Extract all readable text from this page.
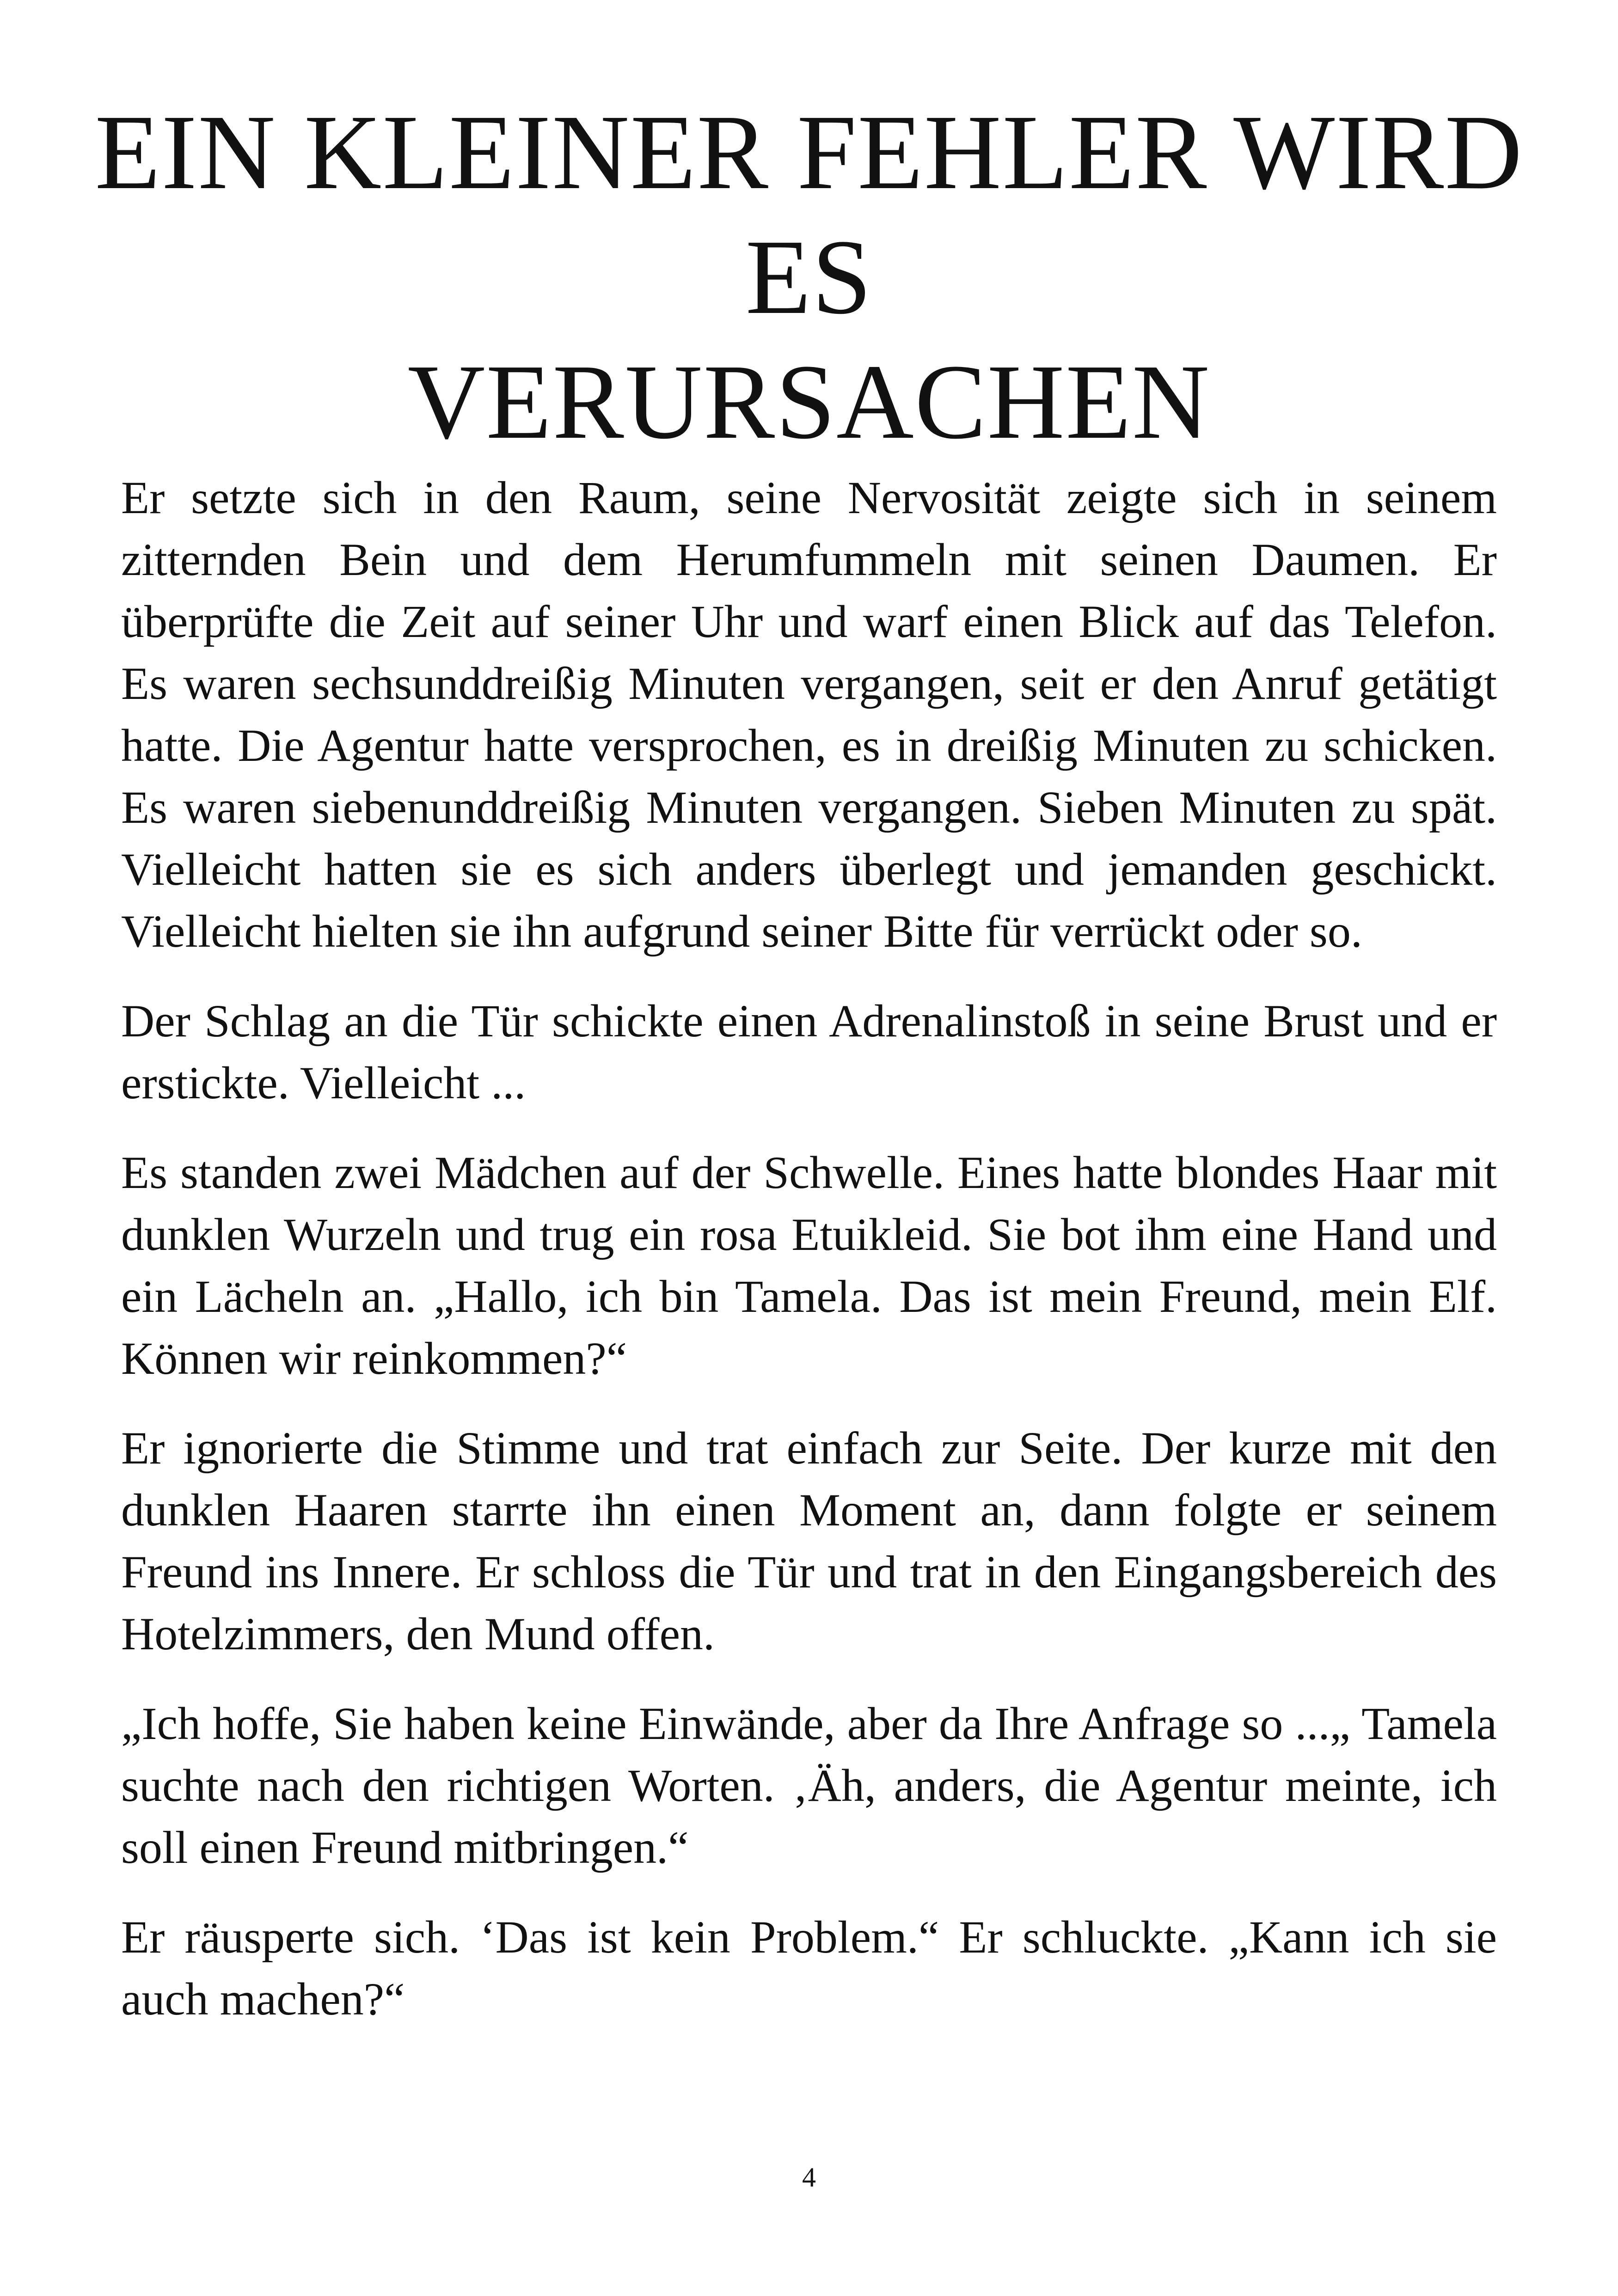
EIN KLEINER FEHLER WIRD ES
VERURSACHEN

Er setzte sich in den Raum, seine Nervosität zeigte sich in seinem zitternden Bein und dem Herumfummeln mit seinen Daumen. Er überprüfte die Zeit auf seiner Uhr und warf einen Blick auf das Telefon. Es waren sechsunddreißig Minuten vergangen, seit er den Anruf getätigt hatte. Die Agentur hatte versprochen, es in dreißig Minuten zu schicken. Es waren siebenunddreißig Minuten vergangen. Sieben Minuten zu spät. Vielleicht hatten sie es sich anders überlegt und jemanden geschickt. Vielleicht hielten sie ihn aufgrund seiner Bitte für verrückt oder so.

Der Schlag an die Tür schickte einen Adrenalinstoß in seine Brust und er erstickte. Vielleicht ...

Es standen zwei Mädchen auf der Schwelle. Eines hatte blondes Haar mit dunklen Wurzeln und trug ein rosa Etuikleid. Sie bot ihm eine Hand und ein Lächeln an. „Hallo, ich bin Tamela. Das ist mein Freund, mein Elf. Können wir reinkommen?“

Er ignorierte die Stimme und trat einfach zur Seite. Der kurze mit den dunklen Haaren starrte ihn einen Moment an, dann folgte er seinem Freund ins Innere. Er schloss die Tür und trat in den Eingangsbereich des Hotelzimmers, den Mund offen.

„Ich hoffe, Sie haben keine Einwände, aber da Ihre Anfrage so ...„ Tamela suchte nach den richtigen Worten. ‚Äh, anders, die Agentur meinte, ich soll einen Freund mitbringen.“

Er räusperte sich. ‘Das ist kein Problem.“ Er schluckte. „Kann ich sie auch machen?“

4
